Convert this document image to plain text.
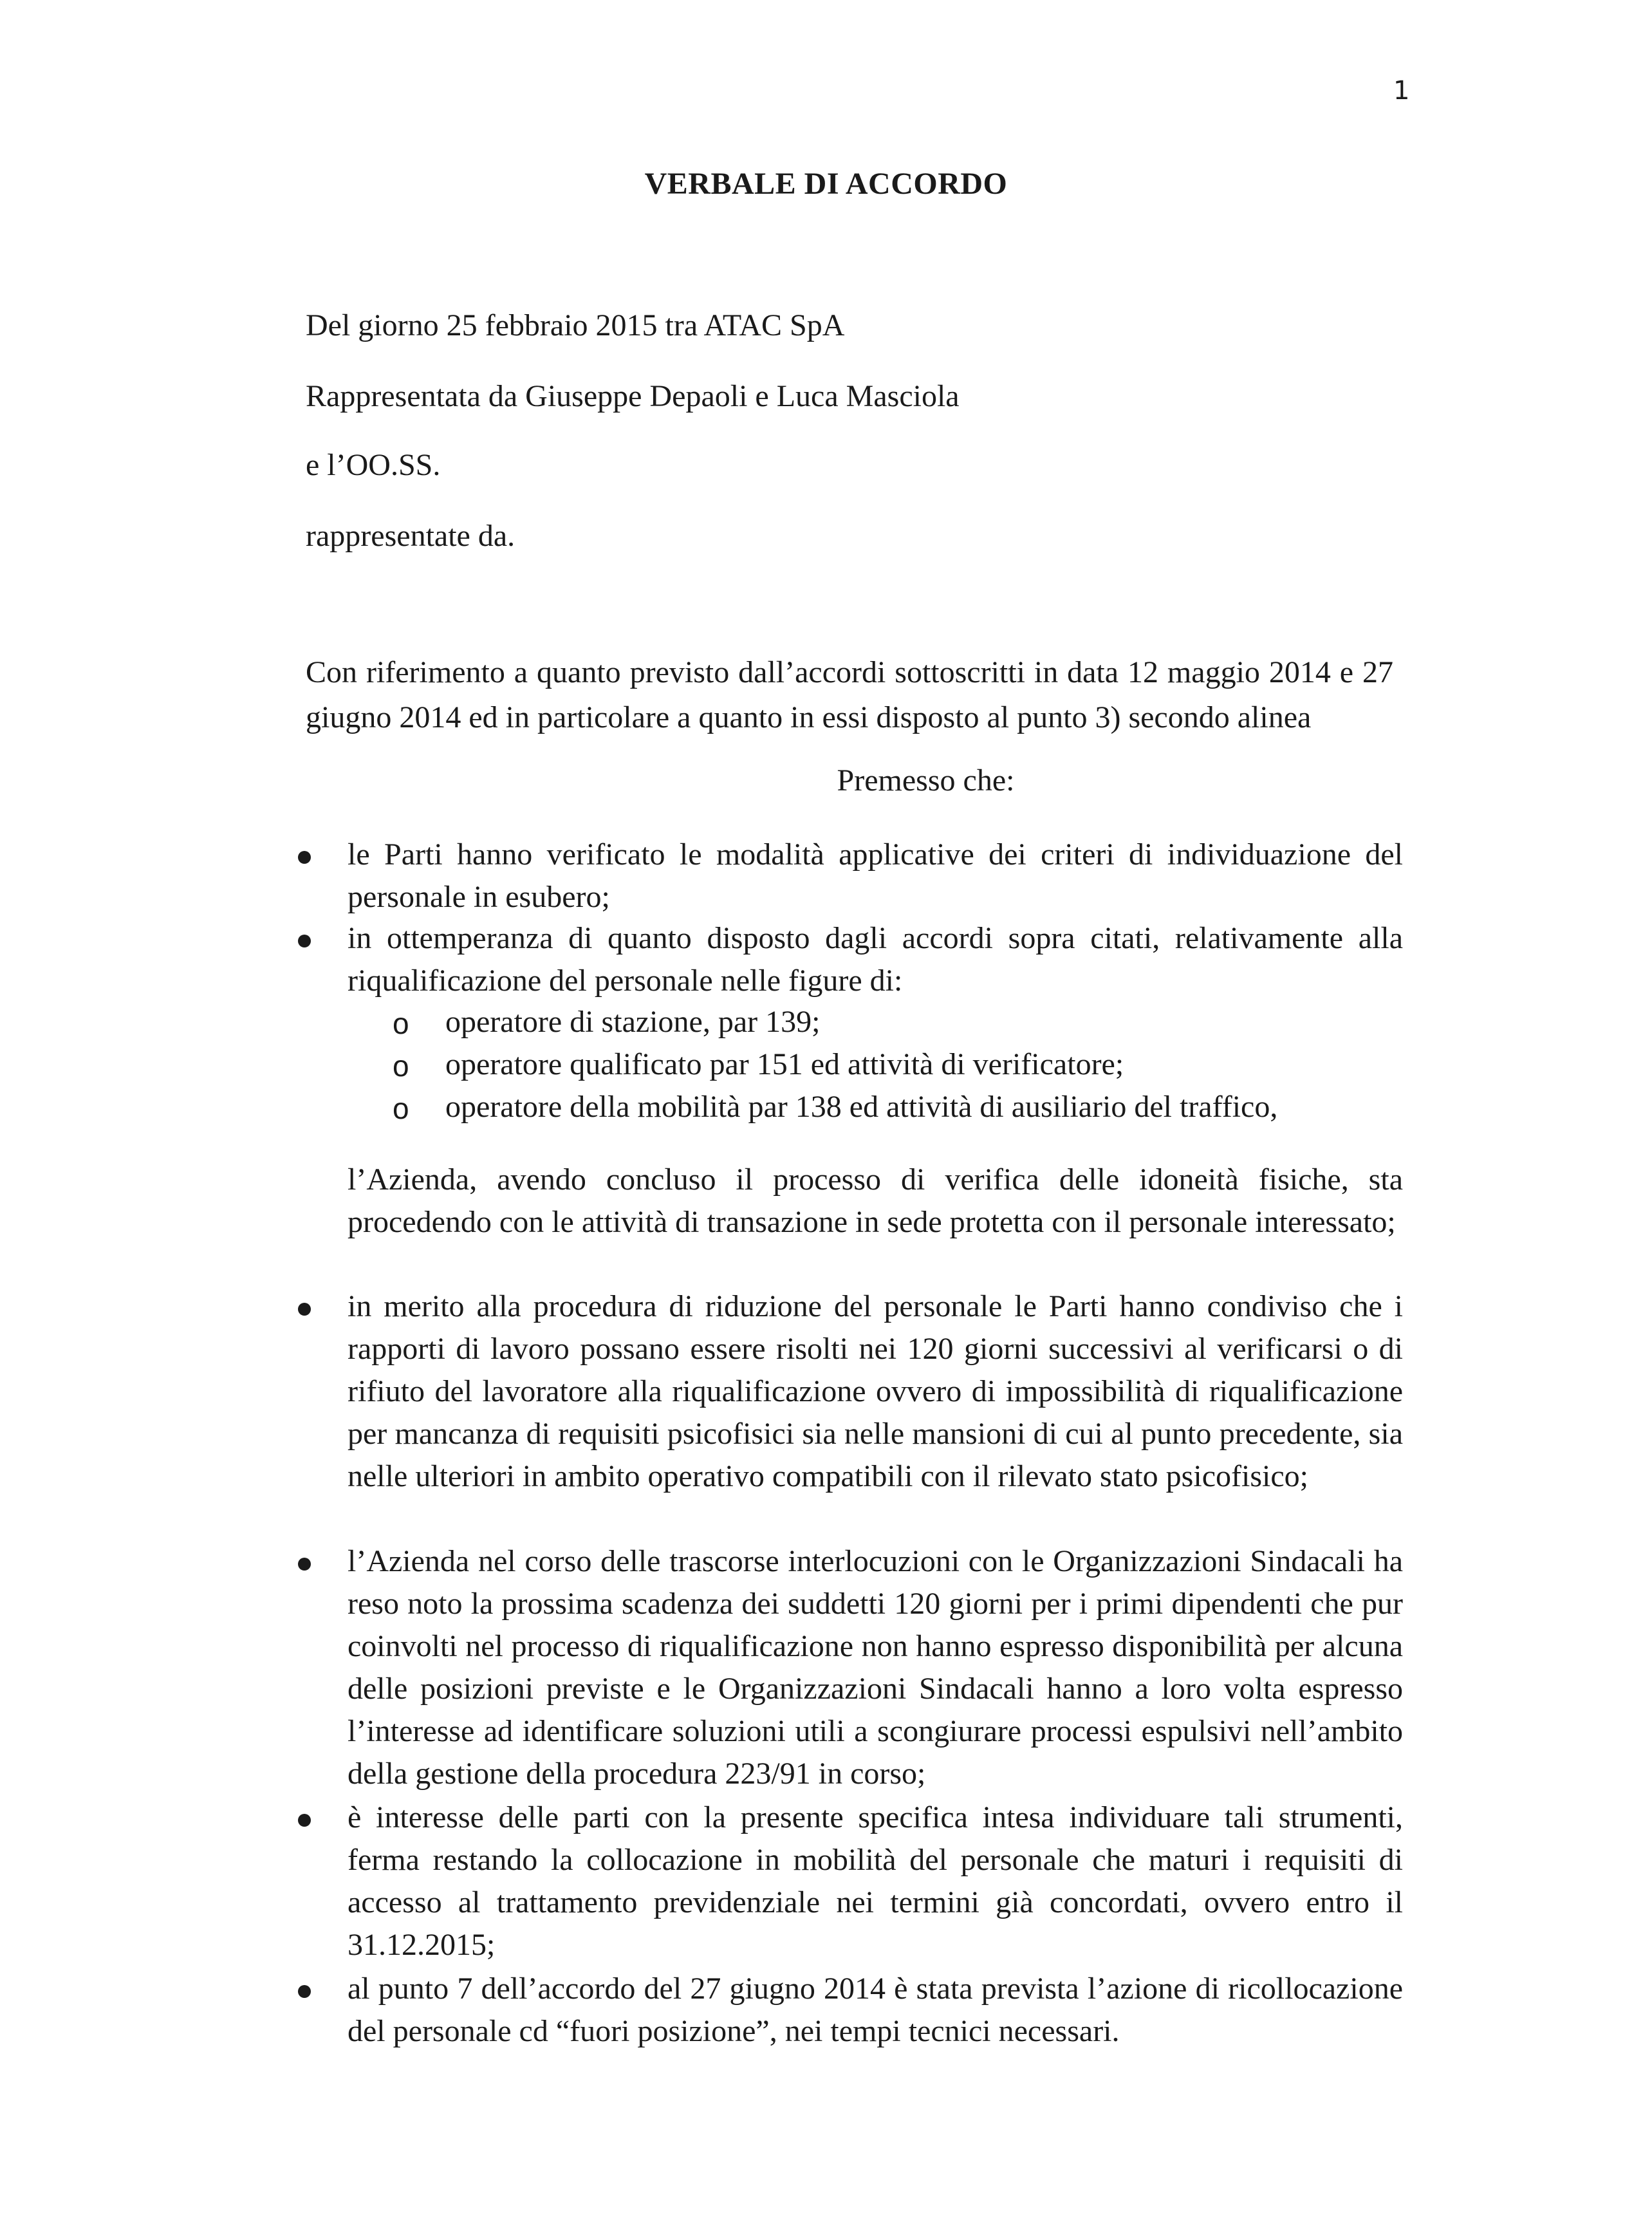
1
VERBALE DI ACCORDO
Del giorno 25 febbraio 2015 tra ATAC SpA
Rappresentata da Giuseppe Depaoli e Luca Masciola
e l’OO.SS.
rappresentate da.
Con riferimento a quanto previsto dall’accordi sottoscritti in data 12 maggio 2014 e 27 giugno 2014 ed in particolare a quanto in essi disposto al punto 3) secondo alinea
Premesso che:
le Parti hanno verificato le modalità applicative dei criteri di individuazione del personale in esubero;
in ottemperanza di quanto disposto dagli accordi sopra citati, relativamente alla riqualificazione del personale nelle figure di:
o operatore di stazione, par 139;
o operatore qualificato par 151 ed attività di verificatore;
o operatore della mobilità par 138 ed attività di ausiliario del traffico,
l’Azienda, avendo concluso il processo di verifica delle idoneità fisiche, sta procedendo con le attività di transazione in sede protetta con il personale interessato;
in merito alla procedura di riduzione del personale le Parti hanno condiviso che i rapporti di lavoro possano essere risolti nei 120 giorni successivi al verificarsi o di rifiuto del lavoratore alla riqualificazione ovvero di impossibilità di riqualificazione per mancanza di requisiti psicofisici sia nelle mansioni di cui al punto precedente, sia nelle ulteriori in ambito operativo compatibili con il rilevato stato psicofisico;
l’Azienda nel corso delle trascorse interlocuzioni con le Organizzazioni Sindacali ha reso noto la prossima scadenza dei suddetti 120 giorni per i primi dipendenti che pur coinvolti nel processo di riqualificazione non hanno espresso disponibilità per alcuna delle posizioni previste e le Organizzazioni Sindacali hanno a loro volta espresso l’interesse ad identificare soluzioni utili a scongiurare processi espulsivi nell’ambito della gestione della procedura 223/91 in corso;
è interesse delle parti con la presente specifica intesa individuare tali strumenti, ferma restando la collocazione in mobilità del personale che maturi i requisiti di accesso al trattamento previdenziale nei termini già concordati, ovvero entro il 31.12.2015;
al punto 7 dell’accordo del 27 giugno 2014 è stata prevista l’azione di ricollocazione del personale cd “fuori posizione”, nei tempi tecnici necessari.
